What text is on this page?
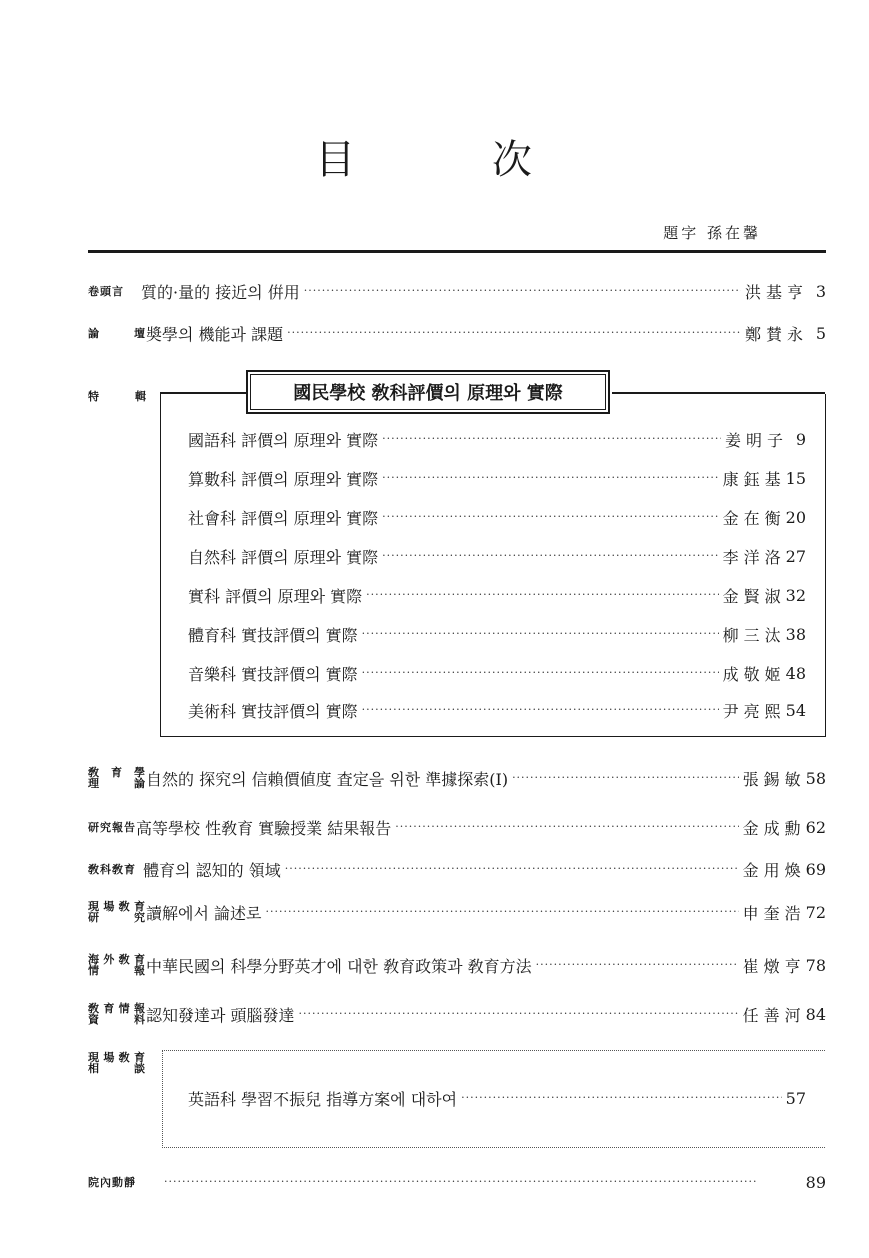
目 次
題字 孫在馨
卷頭言	質的·量的 接近의 倂用 ·····	洪基亨 3
論 壇 奬學의 機能과 課題 ·····	鄭賛永 5
特 輯	國民學校 敎科評價의 原理와 實際
國語科 評價의 原理와 實際 ·····	姜明子 9
算數科 評價의 原理와 實際 ·····	康鈺基 15
社會科 評價의 原理와 實際 ·····	金在衡 20
自然科 評價의 原理와 實際 ·····	李洋洛 27
實科 評價의 原理와 實際 ·····	金賢淑 32
體育科 實技評價의 實際 ·····	柳三汰 38
音樂科 實技評價의 實際 ·····	成敬姬 48
美術科 實技評價의 實際 ·····	尹亮熙 54
敎育學
理 論 自然的 探究의 信賴價値度 査定을 위한 準據探索(Ⅰ) ·····	張錫敏 58
研究報告 高等學校 性敎育 實驗授業 結果報告 ·····	金成勳 62
敎科敎育 體育의 認知的 領域 ·····	金用煥 69
現場敎育
研 究 讀解에서 論述로 ·····	申奎浩 72
海外敎育
情 報 中華民國의 科學分野英才에 대한 敎育政策과 敎育方法 ·····	崔燉亨 78
敎育情報
資 料 認知發達과 頭腦發達 ·····	任善河 84
現場敎育
相 談
英語科 學習不振兒 指導方案에 대하여 ·····	57
院內動靜 ·····	89
